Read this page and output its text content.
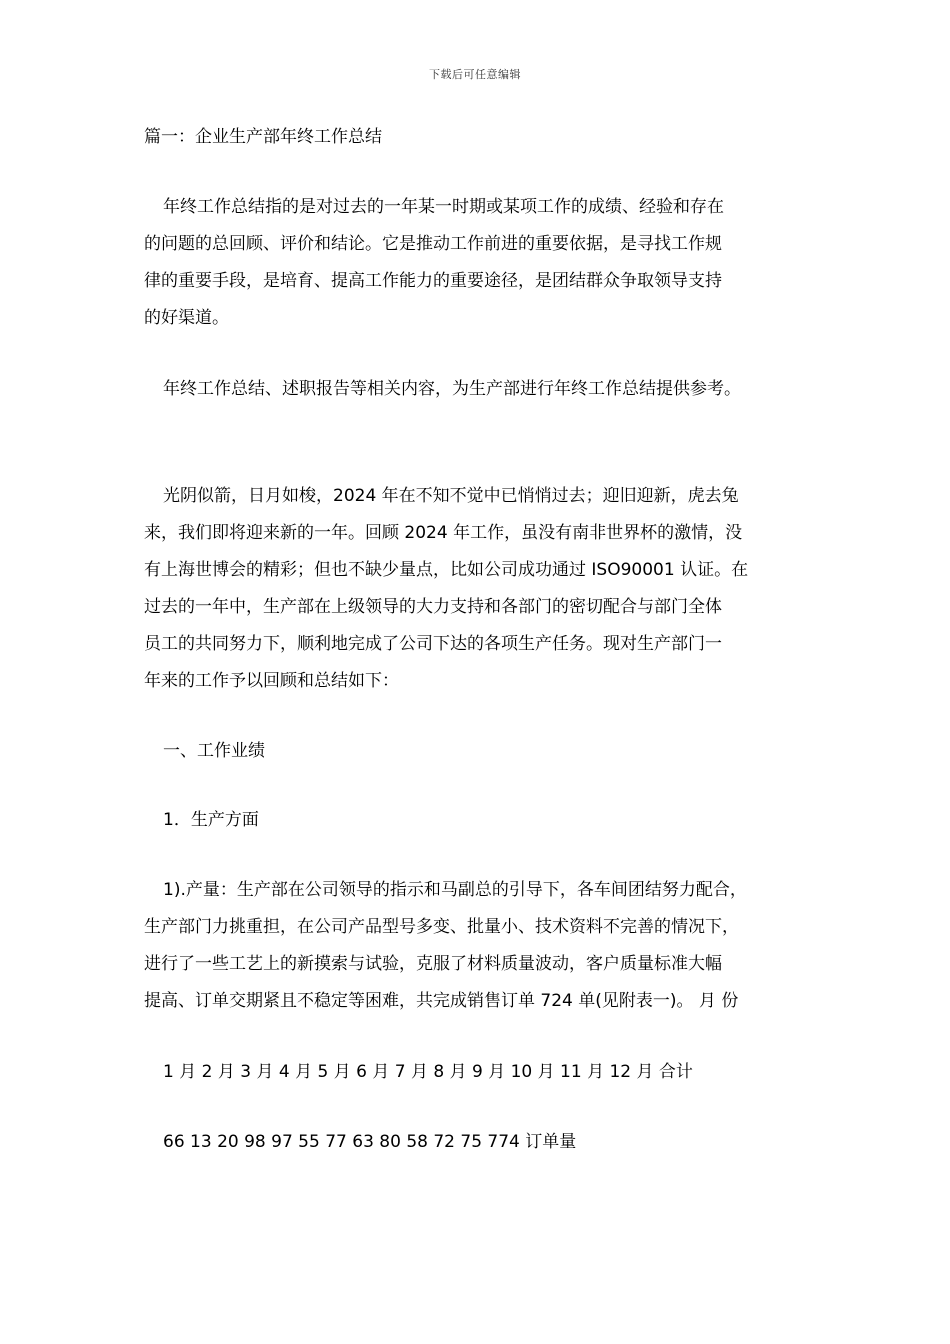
下载后可任意编辑
篇一：企业生产部年终工作总结
年终工作总结指的是对过去的一年某一时期或某项工作的成绩、经验和存在
的问题的总回顾、评价和结论。它是推动工作前进的重要依据，是寻找工作规
律的重要手段，是培育、提高工作能力的重要途径，是团结群众争取领导支持
的好渠道。
年终工作总结、述职报告等相关内容，为生产部进行年终工作总结提供参考。
光阴似箭，日月如梭，2024 年在不知不觉中已悄悄过去；迎旧迎新，虎去兔
来，我们即将迎来新的一年。回顾 2024 年工作，虽没有南非世界杯的激情，没
有上海世博会的精彩；但也不缺少量点，比如公司成功通过 ISO90001 认证。在
过去的一年中，生产部在上级领导的大力支持和各部门的密切配合与部门全体
员工的共同努力下，顺利地完成了公司下达的各项生产任务。现对生产部门一
年来的工作予以回顾和总结如下：
一、工作业绩
1．生产方面
1).产量：生产部在公司领导的指示和马副总的引导下，各车间团结努力配合，
生产部门力挑重担，在公司产品型号多变、批量小、技术资料不完善的情况下，
进行了一些工艺上的新摸索与试验，克服了材料质量波动，客户质量标准大幅
提高、订单交期紧且不稳定等困难，共完成销售订单 724 单(见附表一)。 月 份
1 月 2 月 3 月 4 月 5 月 6 月 7 月 8 月 9 月 10 月 11 月 12 月 合计
66 13 20 98 97 55 77 63 80 58 72 75 774 订单量
